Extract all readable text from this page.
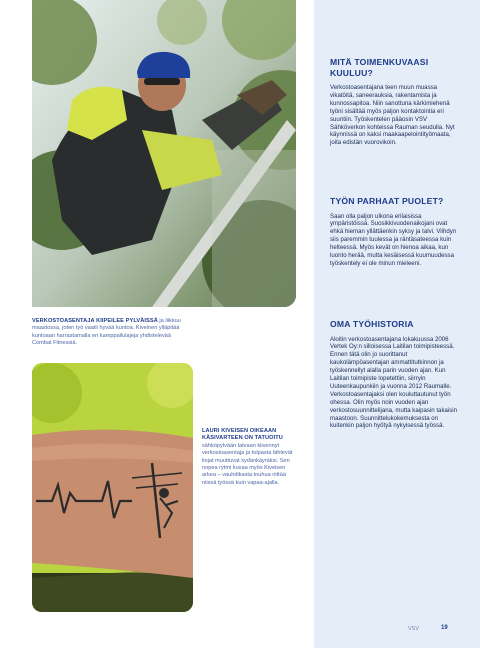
VERKOSTOASENTAJA KIIPEILEE PYLVÄISSÄ ja liikkuu maastossa, joten työ vaatii hyvää kuntoa. Kiveinen ylläpitää kuntoaan harrastamalla eri kamppailulajeja yhdistelevää Combat Fitnessiä.
LAURI KIVEISEN OIKEAAN KÄSIVARTEEN ON TATUOITU sähköpylvään latvaan kiivennyt verkostoasentaja ja tolpasta lähtevät linjat muuttuvat sydänkäyräksi. Sen nopea rytmi kuvaa myös Kiveisen arkea – vauhdikasta touhua riittää niissä työssä kuin vapaa-ajalla.
MITÄ TOIMENKUVAASI KUULUU?

Verkostoasentajana teen muun muassa vikatöitä, saneerauksia, rakentamista ja kunnossapitoa. Niin sanottuna kärkimiehenä työni sisältää myös paljon kontaktointia eri suuntiin. Työskentelen pääosin VSV Sähköverkon kohteissa Rauman seudulla. Nyt käynnissä on kaksi maakaapelointityömaata, joita edistän vuorovikoin.

TYÖN PARHAAT PUOLET?

Saan olla paljon ulkona erilaisissa ympäristöissä. Suosikkivuodenaikojani ovat ehkä hieman yllättäenkin syksy ja talvi. Viihdyn siis paremmin tuulessa ja räntäsateessa kuin helteessä. Myös kevät on hienoa aikaa, kun luonto herää, mutta kesäisessä kuumuudessa työskentely ei ole minun mieleeni.

OMA TYÖHISTORIA

Aloitin verkostoasentajana lokakuussa 2006 Vertek Oy:n silloisessa Laitilan toimipisteessä. Ennen tätä olin jo suorittanut kaukolämpöasentajan ammattitutkinnon ja työskennellyt alalla parin vuoden ajan. Kun Laitilan toimipiste lopetettiin, siirryin Uuteenkaupunkiin ja vuonna 2012 Raumalle. Verkostoasentajaksi olen kouluttautunut työn ohessa. Olin myös noin vuoden ajan verkostosuunnittelijana, mutta kaipasin takaisin maastoon. Suunnittelukokemuksesta on kuitenkin paljon hyötyä nykyisessä työssä.

VSV	19
